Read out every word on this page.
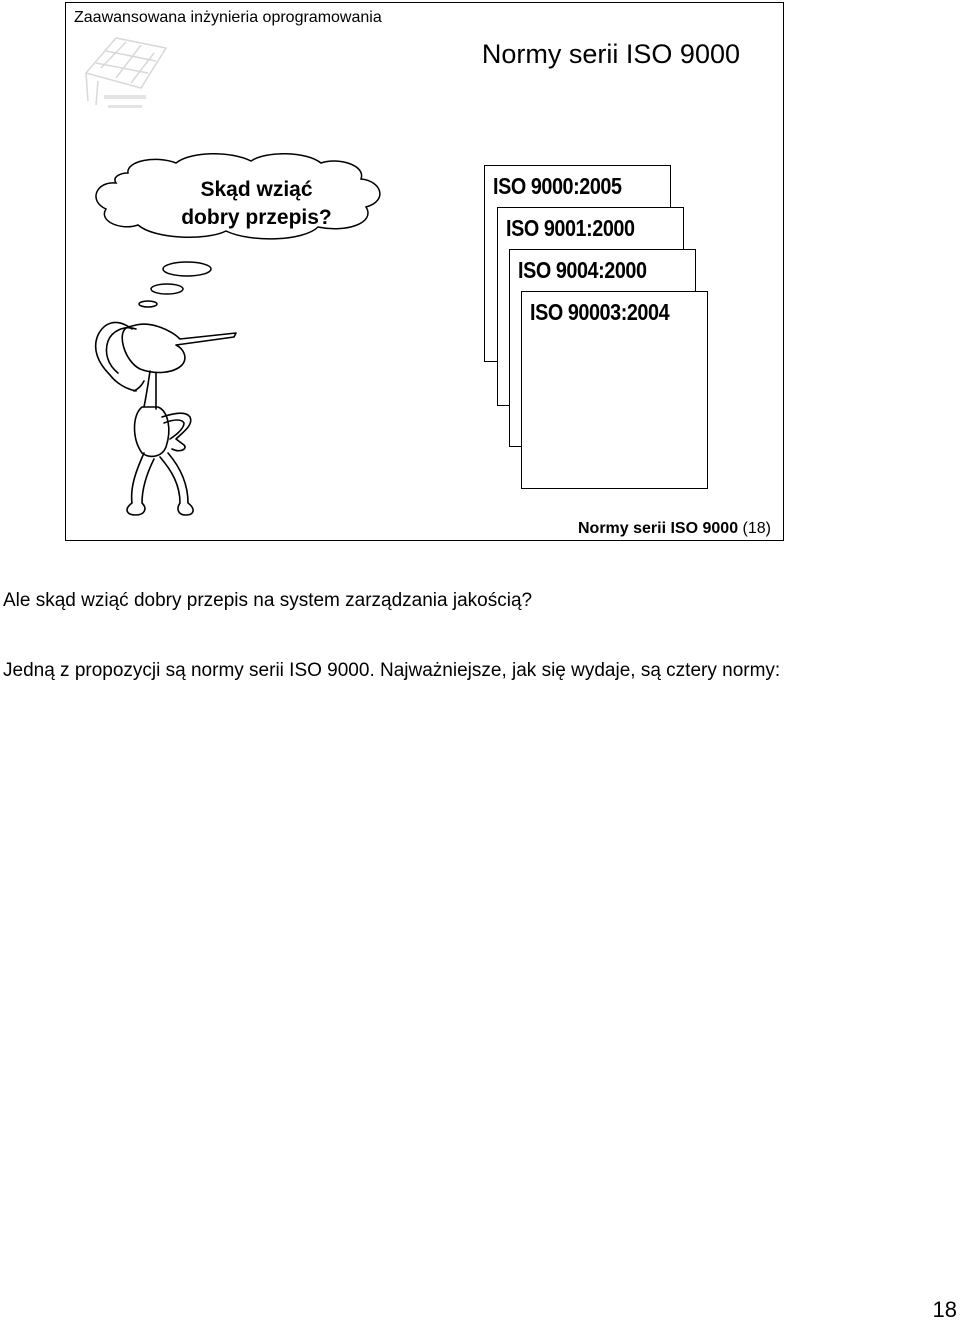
Zaawansowana inżynieria oprogramowania
Normy serii ISO 9000
Skąd wziąć
dobry przepis?
ISO 9000:2005
ISO 9001:2000
ISO 9004:2000
ISO 90003:2004
Normy serii ISO 9000 (18)
Ale skąd wziąć dobry przepis na system zarządzania jakością?
Jedną z propozycji są normy serii ISO 9000. Najważniejsze, jak się wydaje, są cztery normy:
18
